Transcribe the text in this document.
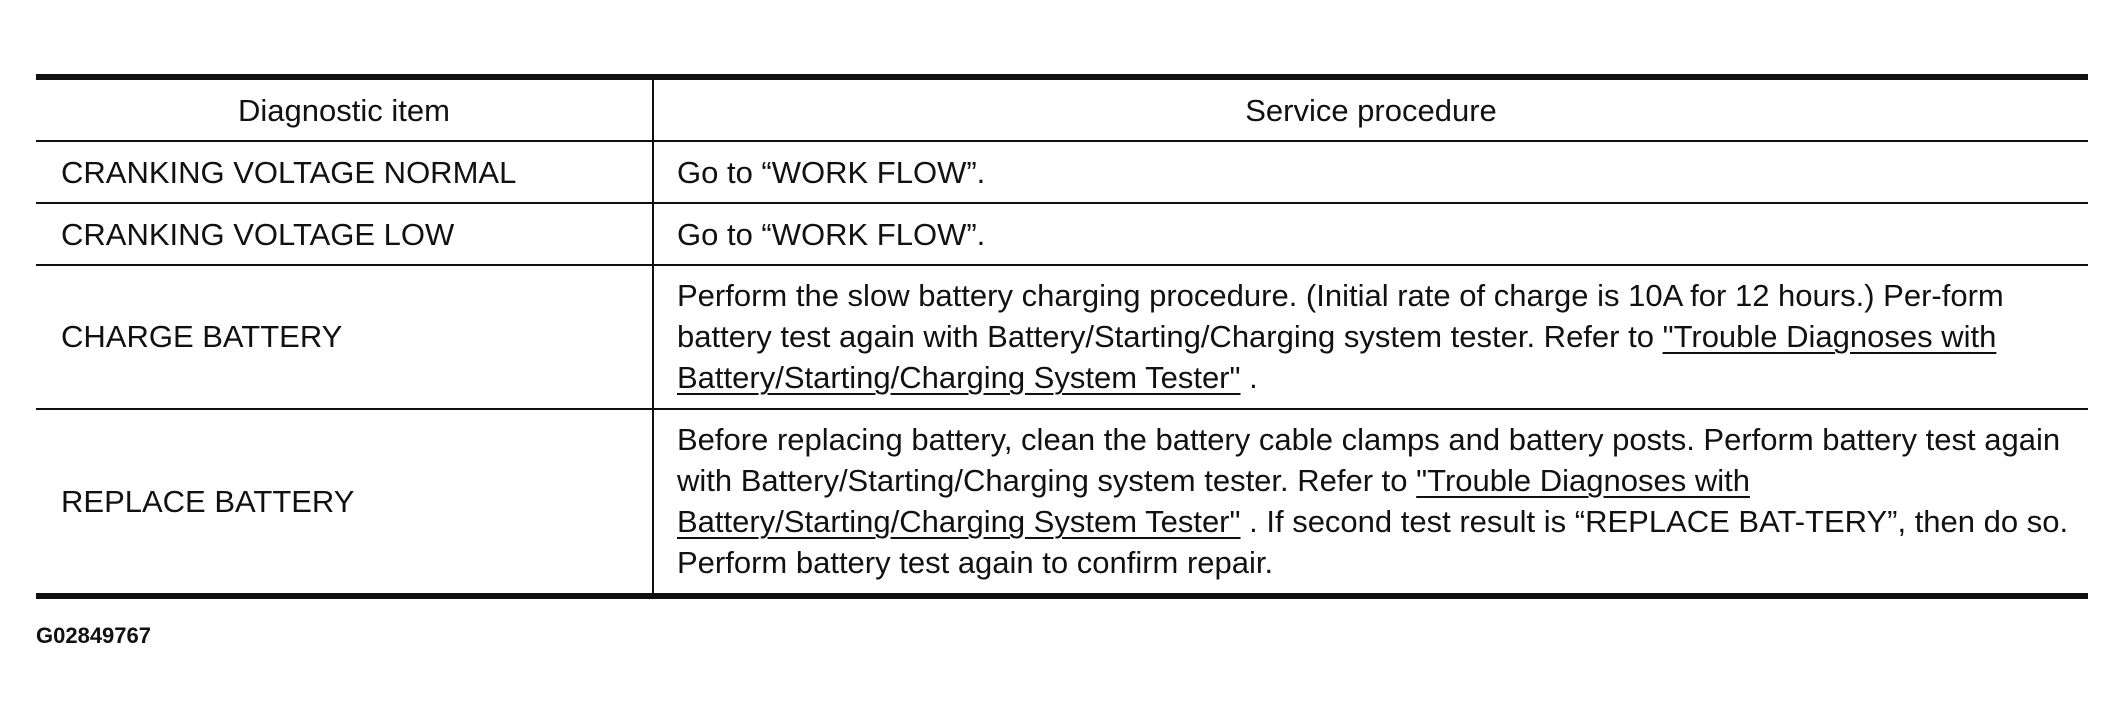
Diagnostic item	Service procedure
CRANKING VOLTAGE NORMAL	Go to “WORK FLOW”.
CRANKING VOLTAGE LOW	Go to “WORK FLOW”.
CHARGE BATTERY	Perform the slow battery charging procedure. (Initial rate of charge is 10A for 12 hours.) Per-form battery test again with Battery/Starting/Charging system tester. Refer to "Trouble Diagnoses with Battery/Starting/Charging System Tester" .
REPLACE BATTERY	Before replacing battery, clean the battery cable clamps and battery posts. Perform battery test again with Battery/Starting/Charging system tester. Refer to "Trouble Diagnoses with Battery/Starting/Charging System Tester" . If second test result is “REPLACE BAT-TERY”, then do so. Perform battery test again to confirm repair.
G02849767
